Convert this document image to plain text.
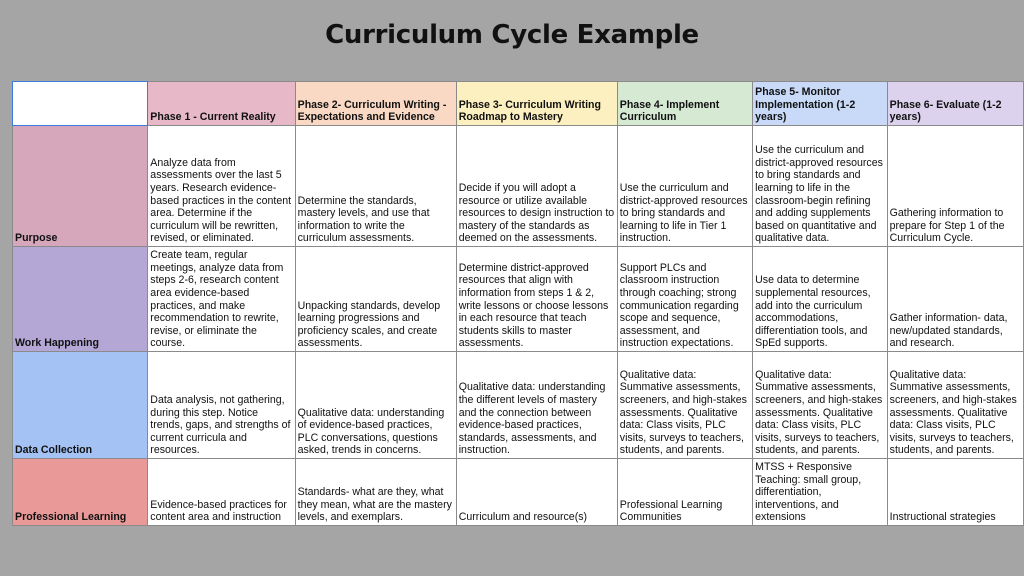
Curriculum Cycle Example
	Phase 1 - Current Reality	Phase 2- Curriculum Writing - Expectations and Evidence	Phase 3- Curriculum Writing Roadmap to Mastery	Phase 4- Implement Curriculum	Phase 5- Monitor Implementation (1-2 years)	Phase 6- Evaluate (1-2 years)
Purpose	Analyze data from assessments over the last 5 years. Research evidence-based practices in the content area. Determine if the curriculum will be rewritten, revised, or eliminated.	Determine the standards, mastery levels, and use that information to write the curriculum assessments.	Decide if you will adopt a resource or utilize available resources to design instruction to mastery of the standards as deemed on the assessments.	Use the curriculum and district-approved resources to bring standards and learning to life in Tier 1 instruction.	Use the curriculum and district-approved resources to bring standards and learning to life in the classroom-begin refining and adding supplements based on quantitative and qualitative data.	Gathering information to prepare for Step 1 of the Curriculum Cycle.
Work Happening	Create team, regular meetings, analyze data from steps 2-6, research content area evidence-based practices, and make recommendation to rewrite, revise, or eliminate the course.	Unpacking standards, develop learning progressions and proficiency scales, and create assessments.	Determine district-approved resources that align with information from steps 1 & 2, write lessons or choose lessons in each resource that teach students skills to master assessments.	Support PLCs and classroom instruction through coaching; strong communication regarding scope and sequence, assessment, and instruction expectations.	Use data to determine supplemental resources, add into the curriculum accommodations, differentiation tools, and SpEd supports.	Gather information- data, new/updated standards, and research.
Data Collection	Data analysis, not gathering, during this step. Notice trends, gaps, and strengths of current curricula and resources.	Qualitative data: understanding of evidence-based practices, PLC conversations, questions asked, trends in concerns.	Qualitative data: understanding the different levels of mastery and the connection between evidence-based practices, standards, assessments, and instruction.	Qualitative data: Summative assessments, screeners, and high-stakes assessments. Qualitative data: Class visits, PLC visits, surveys to teachers, students, and parents.	Qualitative data: Summative assessments, screeners, and high-stakes assessments. Qualitative data: Class visits, PLC visits, surveys to teachers, students, and parents.	Qualitative data: Summative assessments, screeners, and high-stakes assessments. Qualitative data: Class visits, PLC visits, surveys to teachers, students, and parents.
Professional Learning	Evidence-based practices for content area and instruction	Standards- what are they, what they mean, what are the mastery levels, and exemplars.	Curriculum and resource(s)	Professional Learning Communities	MTSS + Responsive Teaching: small group, differentiation, interventions, and extensions	Instructional strategies
